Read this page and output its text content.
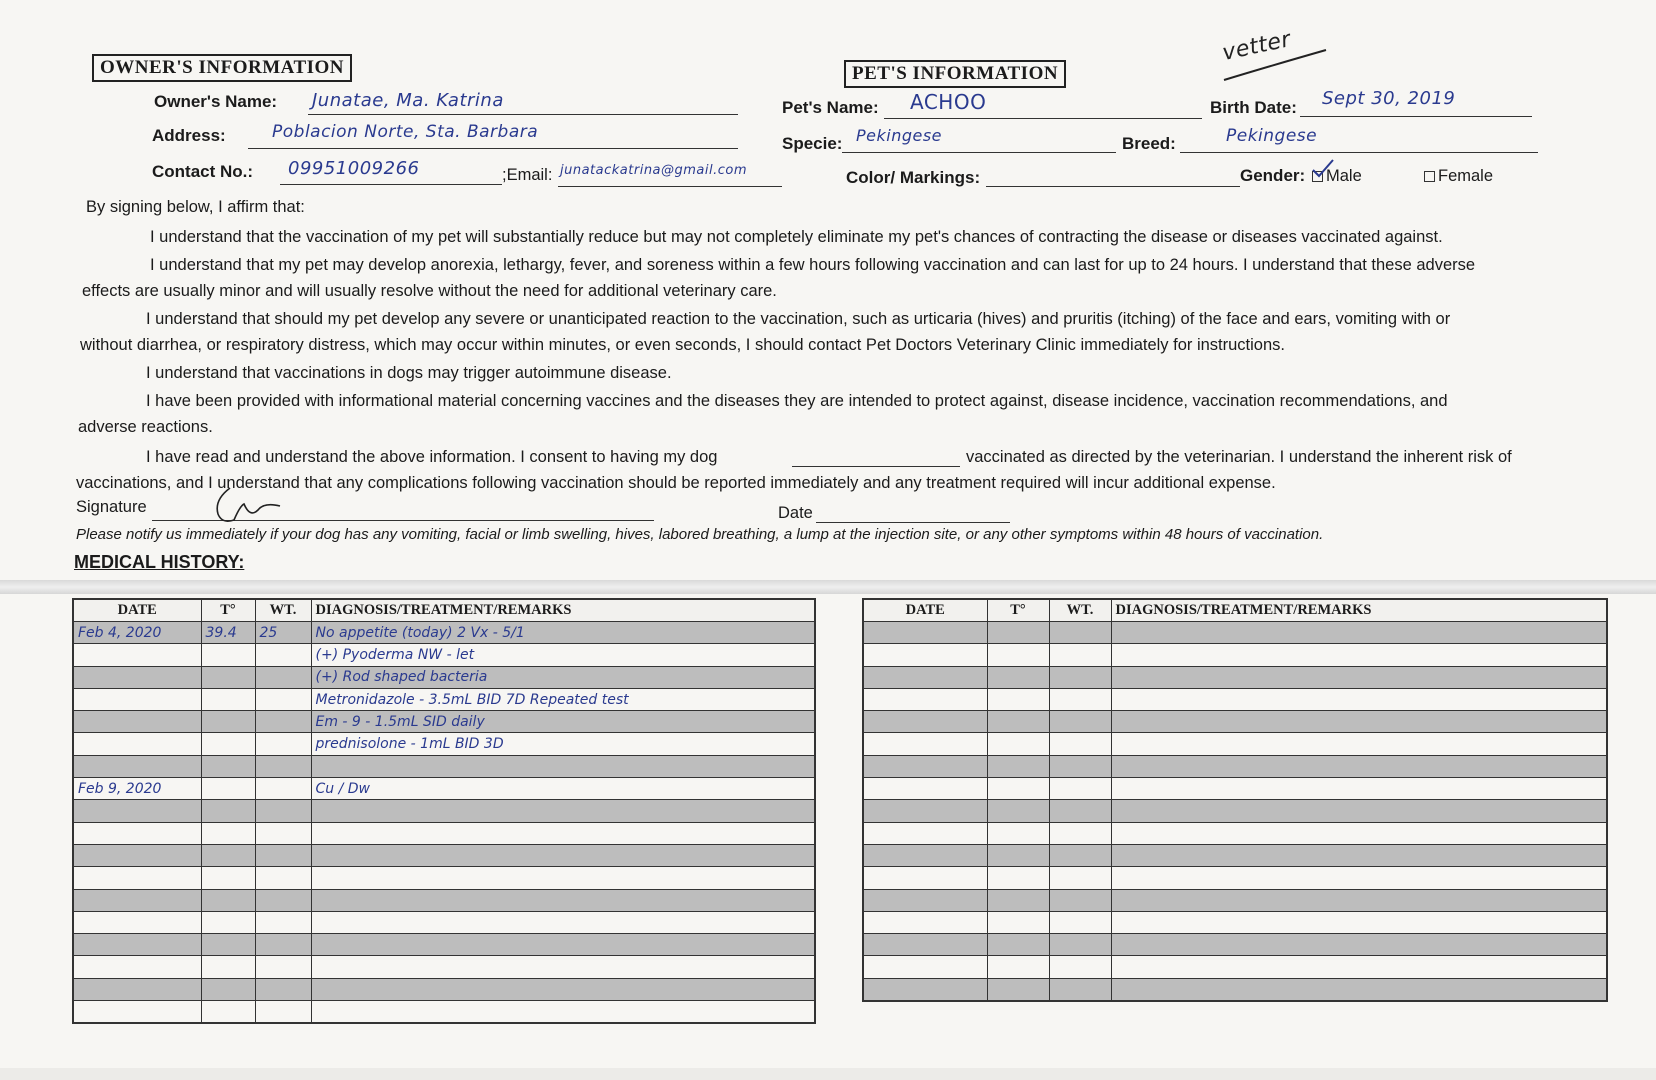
OWNER'S INFORMATION
Owner's Name: Junatae, Ma. Katrina
Address:	Poblacion Norte, Sta. Barbara
Contact No.: 09951009266	;Email: junatackatrina@gmail.com
PET'S INFORMATION
vetter
Pet's Name: ACHOO	Birth Date: Sept 30, 2019
Specie: Pekingese	Breed:	Pekingese
Color/ Markings:	Gender:	Male	Female
By signing below, I affirm that:
I understand that the vaccination of my pet will substantially reduce but may not completely eliminate my pet's chances of contracting the disease or diseases vaccinated against.
I understand that my pet may develop anorexia, lethargy, fever, and soreness within a few hours following vaccination and can last for up to 24 hours. I understand that these adverse
effects are usually minor and will usually resolve without the need for additional veterinary care.
I understand that should my pet develop any severe or unanticipated reaction to the vaccination, such as urticaria (hives) and pruritis (itching) of the face and ears, vomiting with or
without diarrhea, or respiratory distress, which may occur within minutes, or even seconds, I should contact Pet Doctors Veterinary Clinic immediately for instructions.
I understand that vaccinations in dogs may trigger autoimmune disease.
I have been provided with informational material concerning vaccines and the diseases they are intended to protect against, disease incidence, vaccination recommendations, and
adverse reactions.
I have read and understand the above information. I consent to having my dog	vaccinated as directed by the veterinarian. I understand the inherent risk of
vaccinations, and I understand that any complications following vaccination should be reported immediately and any treatment required will incur additional expense.
Signature	Date
Please notify us immediately if your dog has any vomiting, facial or limb swelling, hives, labored breathing, a lump at the injection site, or any other symptoms within 48 hours of vaccination.
MEDICAL HISTORY:
DATE	T°	WT.	DIAGNOSIS/TREATMENT/REMARKS
Feb 4, 2020	39.4	25	No appetite (today) 2 Vx - 5/1
			(+) Pyoderma NW - let
			(+) Rod shaped bacteria
			Metronidazole - 3.5mL BID 7D Repeated test
			Em - 9 - 1.5mL SID daily
			prednisolone - 1mL BID 3D

Feb 9, 2020			Cu / Dw

DATE	T°	WT.	DIAGNOSIS/TREATMENT/REMARKS
